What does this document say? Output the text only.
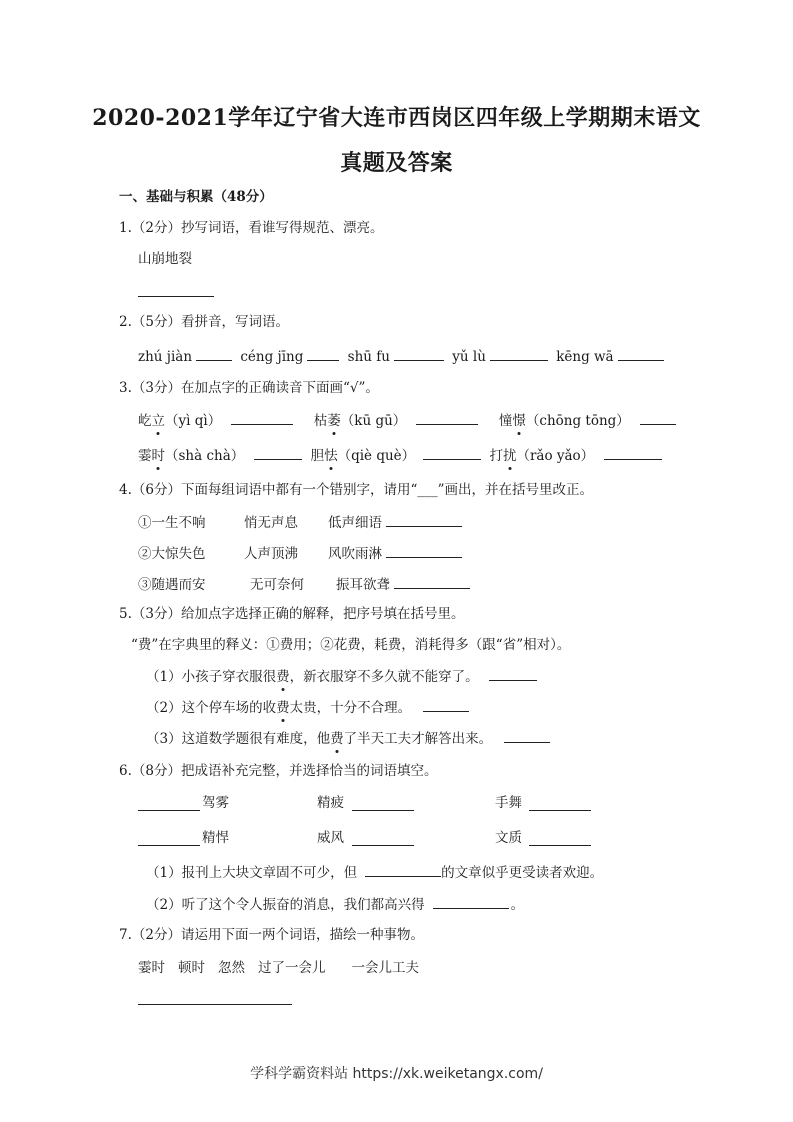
2020-2021学年辽宁省大连市西岗区四年级上学期期末语文
真题及答案
一、基础与积累（48分）
1.（2分）抄写词语，看谁写得规范、漂亮。
山崩地裂
2.（5分）看拼音，写词语。
zhú jiàn	céng jīng	shū fu	yǔ lù	kēng wā
3.（3分）在加点字的正确读音下面画“√”。
屹立（yì qì）	枯萎（kū gū）	憧憬（chōng tōng）
霎时（shà chà）	胆怯（qiè què）	打扰（rǎo yǎo）
4.（6分）下面每组词语中都有一个错别字，请用“___”画出，并在括号里改正。
①一生不响	悄无声息 低声细语
②大惊失色	人声顶沸 风吹雨淋
③随遇而安	无可奈何 振耳欲聋
5.（3分）给加点字选择正确的解释，把序号填在括号里。
“费”在字典里的释义：①费用；②花费，耗费，消耗得多（跟“省”相对）。
（1）小孩子穿衣服很费，新衣服穿不多久就不能穿了。
（2）这个停车场的收费太贵，十分不合理。
（3）这道数学题很有难度，他费了半天工夫才解答出来。
6.（8分）把成语补充完整，并选择恰当的词语填空。
驾雾	精疲	手舞
精悍	威风	文质
（1）报刊上大块文章固不可少，但	的文章似乎更受读者欢迎。
（2）听了这个令人振奋的消息，我们都高兴得	。
7.（2分）请运用下面一两个词语，描绘一种事物。
霎时 顿时 忽然 过了一会儿 一会儿工夫
学科学霸资料站 https://xk.weiketangx.com/
